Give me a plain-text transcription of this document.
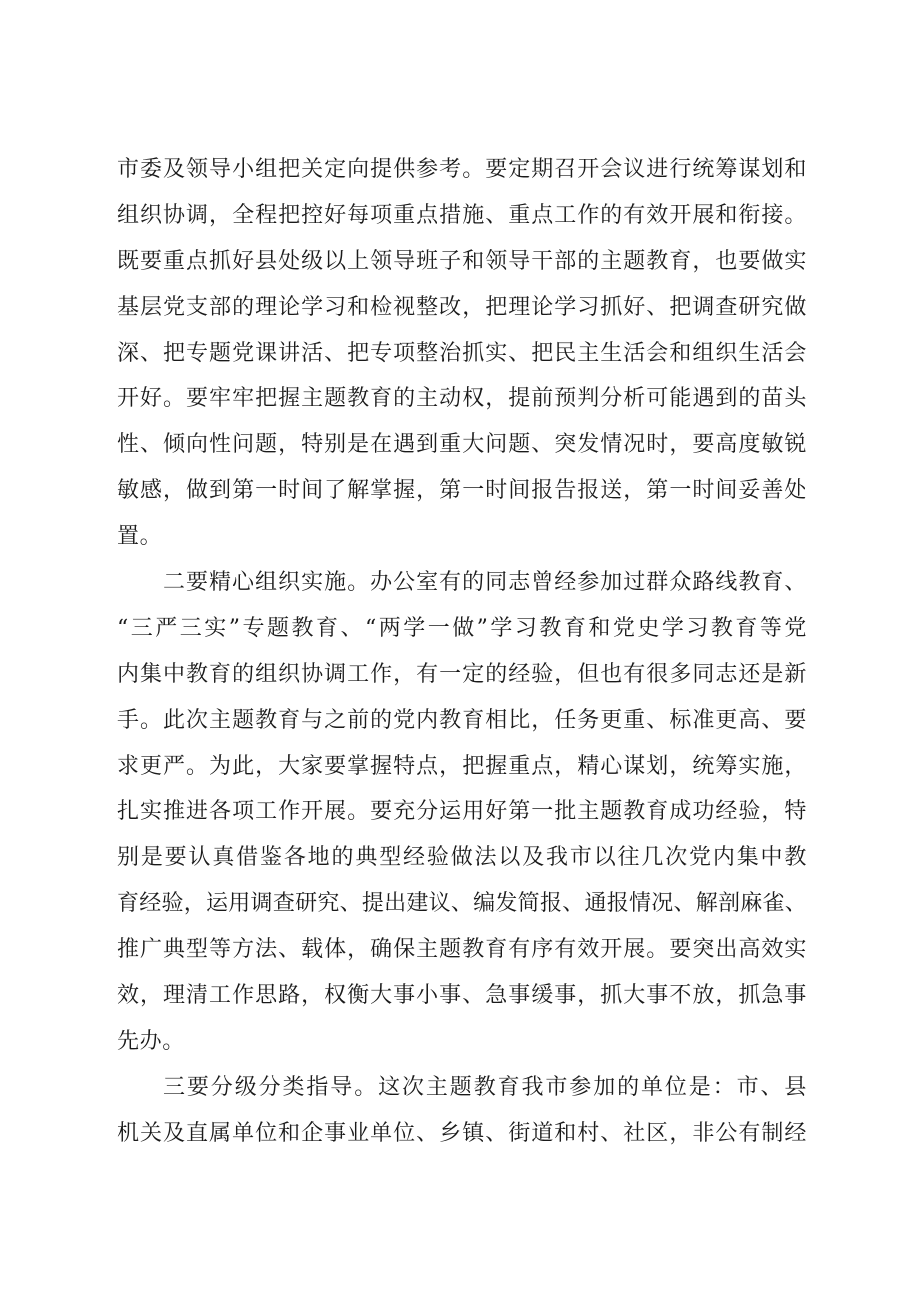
市委及领导小组把关定向提供参考。要定期召开会议进行统筹谋划和
组织协调，全程把控好每项重点措施、重点工作的有效开展和衔接。
既要重点抓好县处级以上领导班子和领导干部的主题教育，也要做实
基层党支部的理论学习和检视整改，把理论学习抓好、把调查研究做
深、把专题党课讲活、把专项整治抓实、把民主生活会和组织生活会
开好。要牢牢把握主题教育的主动权，提前预判分析可能遇到的苗头
性、倾向性问题，特别是在遇到重大问题、突发情况时，要高度敏锐
敏感，做到第一时间了解掌握，第一时间报告报送，第一时间妥善处
置。
二要精心组织实施。办公室有的同志曾经参加过群众路线教育、
“三严三实”专题教育、“两学一做”学习教育和党史学习教育等党
内集中教育的组织协调工作，有一定的经验，但也有很多同志还是新
手。此次主题教育与之前的党内教育相比，任务更重、标准更高、要
求更严。为此，大家要掌握特点，把握重点，精心谋划，统筹实施，
扎实推进各项工作开展。要充分运用好第一批主题教育成功经验，特
别是要认真借鉴各地的典型经验做法以及我市以往几次党内集中教
育经验，运用调查研究、提出建议、编发简报、通报情况、解剖麻雀、
推广典型等方法、载体，确保主题教育有序有效开展。要突出高效实
效，理清工作思路，权衡大事小事、急事缓事，抓大事不放，抓急事
先办。
三要分级分类指导。这次主题教育我市参加的单位是：市、县
机关及直属单位和企事业单位、乡镇、街道和村、社区，非公有制经
